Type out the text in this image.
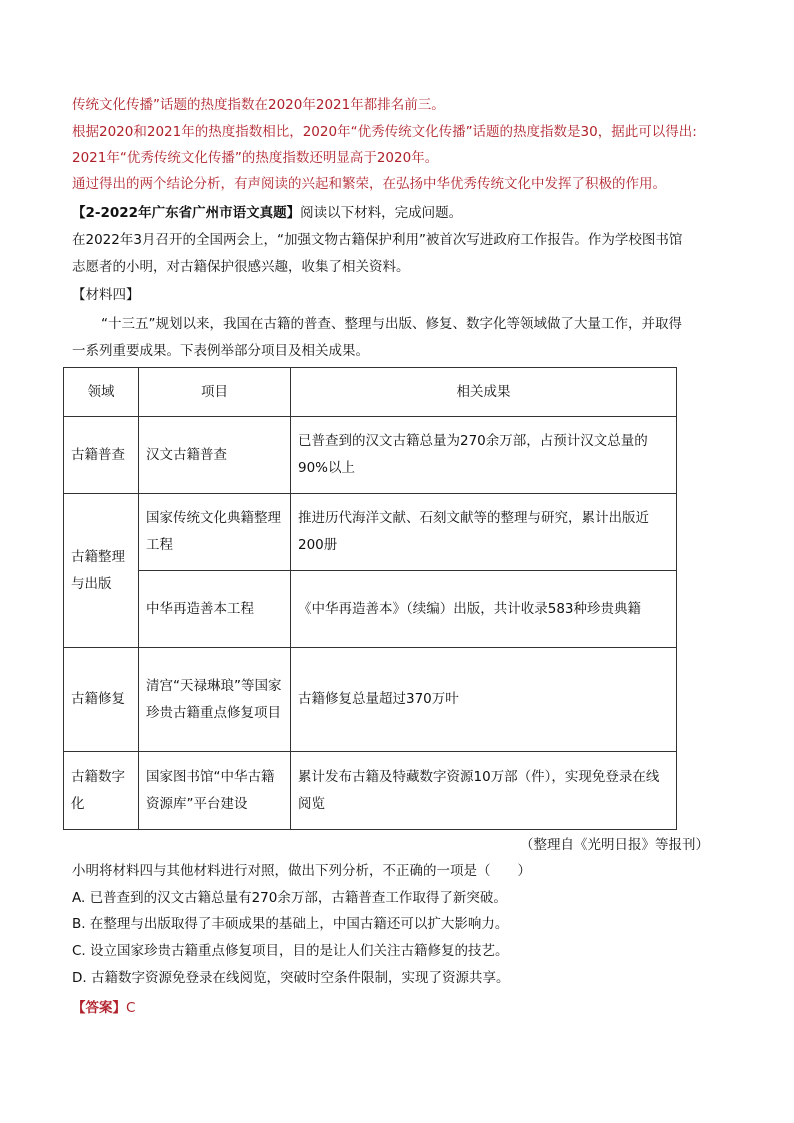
传统文化传播”话题的热度指数在2020年2021年都排名前三。
根据2020和2021年的热度指数相比，2020年“优秀传统文化传播”话题的热度指数是30，据此可以得出:
2021年“优秀传统文化传播”的热度指数还明显高于2020年。
通过得出的两个结论分析，有声阅读的兴起和繁荣，在弘扬中华优秀传统文化中发挥了积极的作用。
【2-2022年广东省广州市语文真题】阅读以下材料，完成问题。
在2022年3月召开的全国两会上，“加强文物古籍保护利用”被首次写进政府工作报告。作为学校图书馆
志愿者的小明，对古籍保护很感兴趣，收集了相关资料。
【材料四】
“十三五”规划以来，我国在古籍的普查、整理与出版、修复、数字化等领域做了大量工作，并取得
一系列重要成果。下表例举部分项目及相关成果。
领域	项目	相关成果
古籍普查	汉文古籍普查	已普查到的汉文古籍总量为270余万部，占预计汉文总量的90%以上
古籍整理与出版	国家传统文化典籍整理工程	推进历代海洋文献、石刻文献等的整理与研究，累计出版近200册
	中华再造善本工程	《中华再造善本》（续编）出版，共计收录583种珍贵典籍
古籍修复	清宫“天禄琳琅”等国家珍贵古籍重点修复项目	古籍修复总量超过370万叶
古籍数字化	国家图书馆“中华古籍资源库”平台建设	累计发布古籍及特藏数字资源10万部（件），实现免登录在线阅览
（整理自《光明日报》等报刊）
小明将材料四与其他材料进行对照，做出下列分析，不正确的一项是（　　）
A. 已普查到的汉文古籍总量有270余万部，古籍普查工作取得了新突破。
B. 在整理与出版取得了丰硕成果的基础上，中国古籍还可以扩大影响力。
C. 设立国家珍贵古籍重点修复项目，目的是让人们关注古籍修复的技艺。
D. 古籍数字资源免登录在线阅览，突破时空条件限制，实现了资源共享。
【答案】C
